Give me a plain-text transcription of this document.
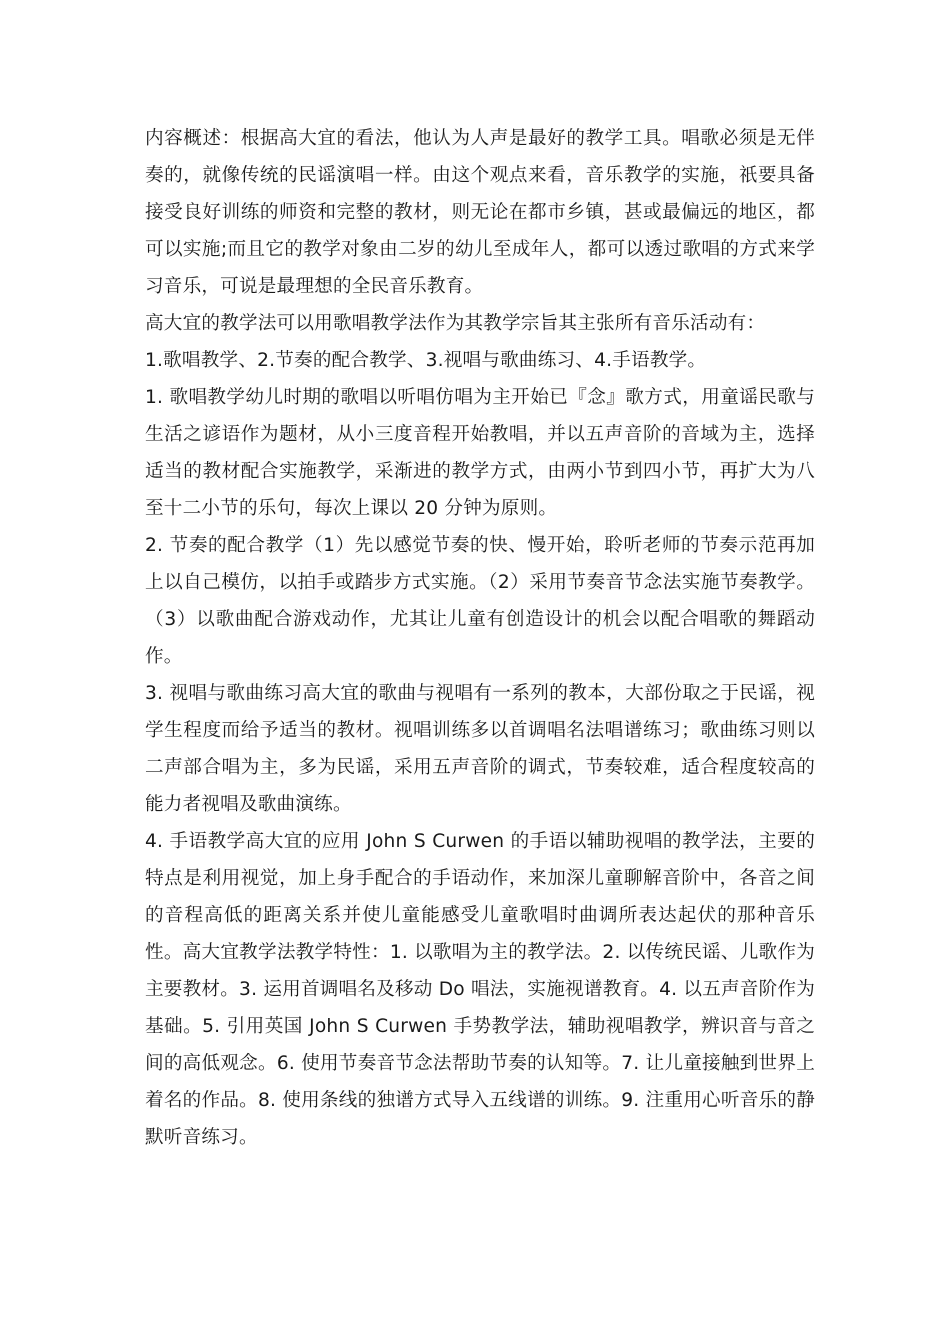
内容概述：根据高大宜的看法，他认为人声是最好的教学工具。唱歌必须是无伴奏的，就像传统的民谣演唱一样。由这个观点来看，音乐教学的实施，祇要具备接受良好训练的师资和完整的教材，则无论在都市乡镇，甚或最偏远的地区，都可以实施;而且它的教学对象由二岁的幼儿至成年人，都可以透过歌唱的方式来学习音乐，可说是最理想的全民音乐教育。

高大宜的教学法可以用歌唱教学法作为其教学宗旨其主张所有音乐活动有：

1.歌唱教学、2.节奏的配合教学、3.视唱与歌曲练习、4.手语教学。

1. 歌唱教学幼儿时期的歌唱以听唱仿唱为主开始已『念』歌方式，用童谣民歌与生活之谚语作为题材，从小三度音程开始教唱，并以五声音阶的音域为主，选择适当的教材配合实施教学，采渐进的教学方式，由两小节到四小节，再扩大为八至十二小节的乐句，每次上课以 20 分钟为原则。

2. 节奏的配合教学（1）先以感觉节奏的快、慢开始，聆听老师的节奏示范再加上以自己模仿，以拍手或踏步方式实施。（2）采用节奏音节念法实施节奏教学。（3）以歌曲配合游戏动作，尤其让儿童有创造设计的机会以配合唱歌的舞蹈动作。

3. 视唱与歌曲练习高大宜的歌曲与视唱有一系列的教本，大部份取之于民谣，视学生程度而给予适当的教材。视唱训练多以首调唱名法唱谱练习；歌曲练习则以二声部合唱为主，多为民谣，采用五声音阶的调式，节奏较难，适合程度较高的能力者视唱及歌曲演练。

4. 手语教学高大宜的应用 John S Curwen 的手语以辅助视唱的教学法，主要的特点是利用视觉，加上身手配合的手语动作，来加深儿童聊解音阶中，各音之间的音程高低的距离关系并使儿童能感受儿童歌唱时曲调所表达起伏的那种音乐性。高大宜教学法教学特性：1. 以歌唱为主的教学法。2. 以传统民谣、儿歌作为主要教材。3. 运用首调唱名及移动 Do 唱法，实施视谱教育。4. 以五声音阶作为基础。5. 引用英国 John S Curwen 手势教学法，辅助视唱教学，辨识音与音之间的高低观念。6. 使用节奏音节念法帮助节奏的认知等。7. 让儿童接触到世界上着名的作品。8. 使用条线的独谱方式导入五线谱的训练。9. 注重用心听音乐的静默听音练习。
